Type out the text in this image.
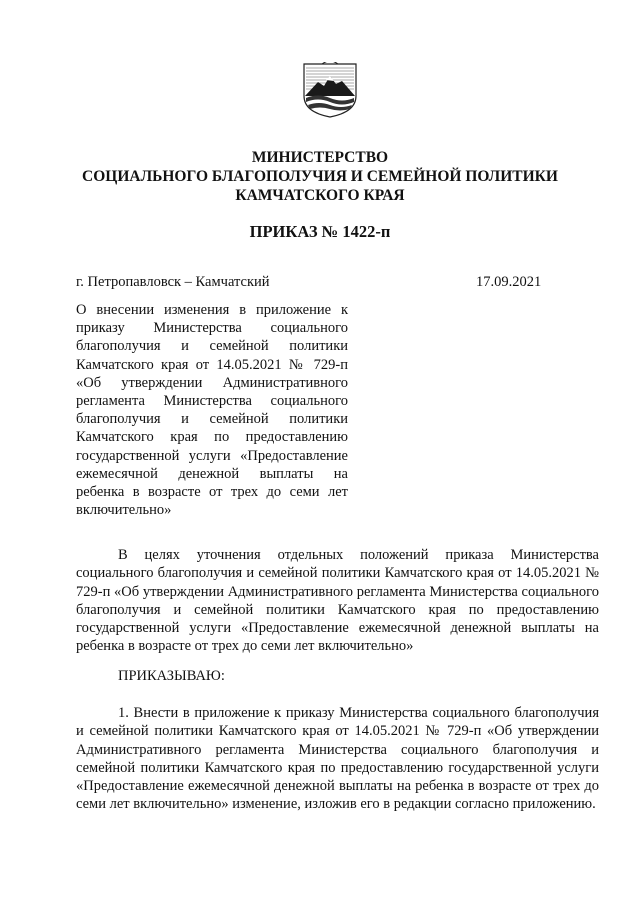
МИНИСТЕРСТВО
СОЦИАЛЬНОГО БЛАГОПОЛУЧИЯ И СЕМЕЙНОЙ ПОЛИТИКИ
КАМЧАТСКОГО КРАЯ
ПРИКАЗ № 1422-п
г. Петропавловск – Камчатский	17.09.2021
О внесении изменения в приложение к приказу Министерства социального благополучия и семейной политики Камчатского края от 14.05.2021 № 729-п «Об утверждении Административного регламента Министерства социального благополучия и семейной политики Камчатского края по предоставлению государственной услуги «Предоставление ежемесячной денежной выплаты на ребенка в возрасте от трех до семи лет включительно»
В целях уточнения отдельных положений приказа Министерства социального благополучия и семейной политики Камчатского края от 14.05.2021 № 729-п «Об утверждении Административного регламента Министерства социального благополучия и семейной политики Камчатского края по предоставлению государственной услуги «Предоставление ежемесячной денежной выплаты на ребенка в возрасте от трех до семи лет включительно»
ПРИКАЗЫВАЮ:
1. Внести в приложение к приказу Министерства социального благополучия и семейной политики Камчатского края от 14.05.2021 № 729-п «Об утверждении Административного регламента Министерства социального благополучия и семейной политики Камчатского края по предоставлению государственной услуги «Предоставление ежемесячной денежной выплаты на ребенка в возрасте от трех до семи лет включительно» изменение, изложив его в редакции согласно приложению.
